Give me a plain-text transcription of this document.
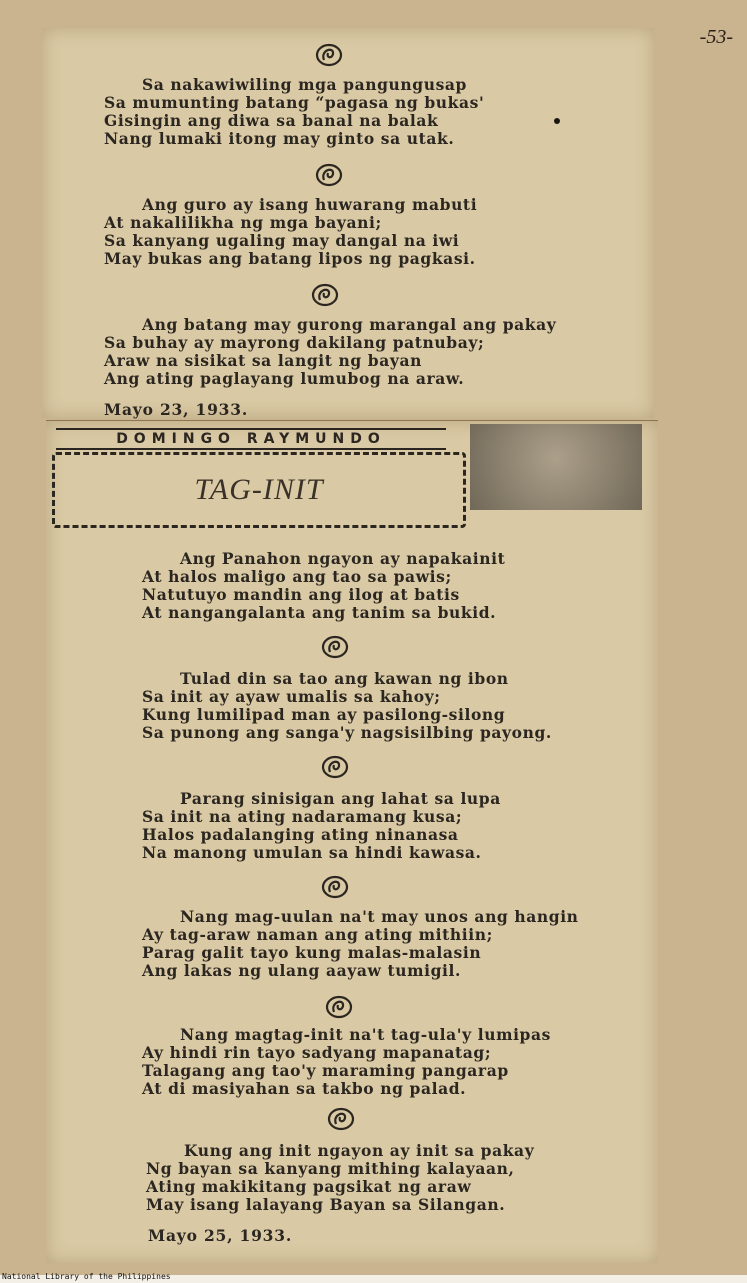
-53-
Sa nakawiwiling mga pangungusap
Sa mumunting batang “pagasa ng bukas'
Gisingin ang diwa sa banal na balak
Nang lumaki itong may ginto sa utak.
Ang guro ay isang huwarang mabuti
At nakalilikha ng mga bayani;
Sa kanyang ugaling may dangal na iwi
May bukas ang batang lipos ng pagkasi.
Ang batang may gurong marangal ang pakay
Sa buhay ay mayrong dakilang patnubay;
Araw na sisikat sa langit ng bayan
Ang ating paglayang lumubog na araw.
Mayo 23, 1933.
DOMINGO RAYMUNDO
TAG-INIT
Ang Panahon ngayon ay napakainit
At halos maligo ang tao sa pawis;
Natutuyo mandin ang ilog at batis
At nangangalanta ang tanim sa bukid.
Tulad din sa tao ang kawan ng ibon
Sa init ay ayaw umalis sa kahoy;
Kung lumilipad man ay pasilong-silong
Sa punong ang sanga'y nagsisilbing payong.
Parang sinisigan ang lahat sa lupa
Sa init na ating nadaramang kusa;
Halos padalanging ating ninanasa
Na manong umulan sa hindi kawasa.
Nang mag-uulan na't may unos ang hangin
Ay tag-araw naman ang ating mithiin;
Parag galit tayo kung malas-malasin
Ang lakas ng ulang aayaw tumigil.
Nang magtag-init na't tag-ula'y lumipas
Ay hindi rin tayo sadyang mapanatag;
Talagang ang tao'y maraming pangarap
At di masiyahan sa takbo ng palad.
Kung ang init ngayon ay init sa pakay
Ng bayan sa kanyang mithing kalayaan,
Ating makikitang pagsikat ng araw
May isang lalayang Bayan sa Silangan.
Mayo 25, 1933.
National Library of the Philippines
